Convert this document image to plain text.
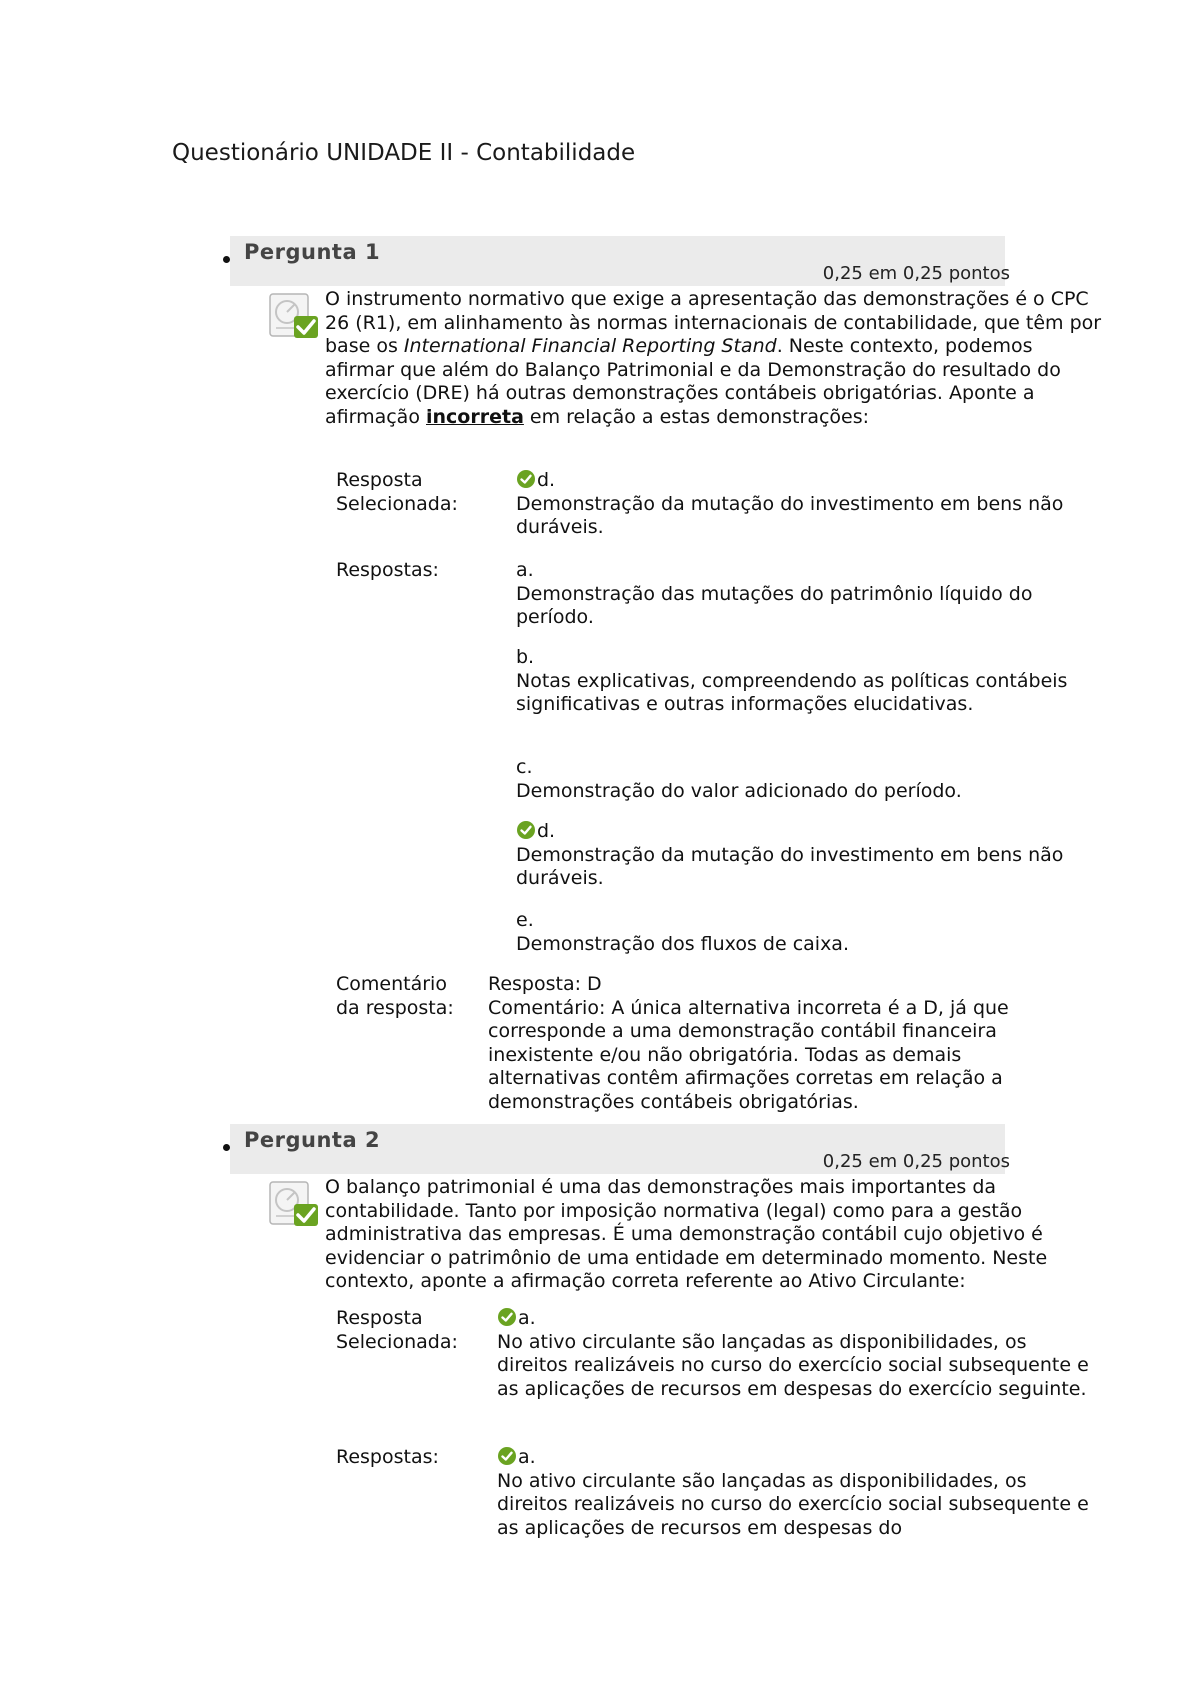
Questionário UNIDADE II - Contabilidade
Pergunta 1
0,25 em 0,25 pontos
O instrumento normativo que exige a apresentação das demonstrações é o CPC 26 (R1), em alinhamento às normas internacionais de contabilidade, que têm por base os International Financial Reporting Stand. Neste contexto, podemos afirmar que além do Balanço Patrimonial e da Demonstração do resultado do exercício (DRE) há outras demonstrações contábeis obrigatórias. Aponte a afirmação incorreta em relação a estas demonstrações:
Resposta
Selecionada:
d.
Demonstração da mutação do investimento em bens não duráveis.
Respostas:	a.
Demonstração das mutações do patrimônio líquido do período.
b.
Notas explicativas, compreendendo as políticas contábeis significativas e outras informações elucidativas.
c.
Demonstração do valor adicionado do período.
d.
Demonstração da mutação do investimento em bens não duráveis.
e.
Demonstração dos fluxos de caixa.
Comentário
da resposta:
Resposta: D
Comentário: A única alternativa incorreta é a D, já que corresponde a uma demonstração contábil financeira inexistente e/ou não obrigatória. Todas as demais alternativas contêm afirmações corretas em relação a demonstrações contábeis obrigatórias.
Pergunta 2
0,25 em 0,25 pontos
O balanço patrimonial é uma das demonstrações mais importantes da contabilidade. Tanto por imposição normativa (legal) como para a gestão administrativa das empresas. É uma demonstração contábil cujo objetivo é evidenciar o patrimônio de uma entidade em determinado momento. Neste contexto, aponte a afirmação correta referente ao Ativo Circulante:
Resposta
Selecionada:
a.
No ativo circulante são lançadas as disponibilidades, os direitos realizáveis no curso do exercício social subsequente e as aplicações de recursos em despesas do exercício seguinte.
Respostas:	a.
No ativo circulante são lançadas as disponibilidades, os direitos realizáveis no curso do exercício social subsequente e as aplicações de recursos em despesas do
